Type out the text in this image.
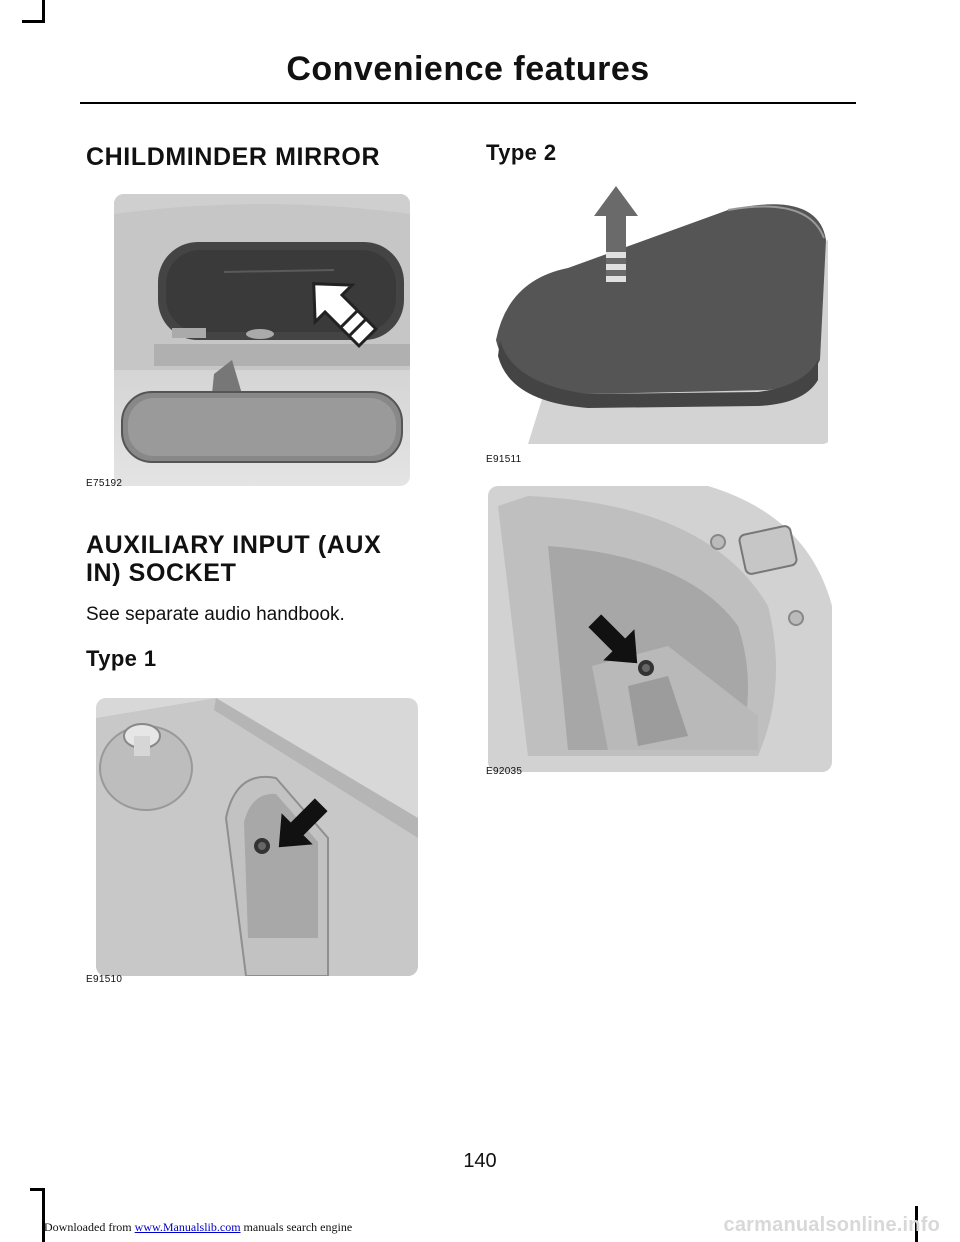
Convenience features
CHILDMINDER MIRROR
E75192
AUXILIARY INPUT (AUX
IN) SOCKET
See separate audio handbook.
Type 1
E91510
Type 2
E91511
E92035
140
Downloaded from www.Manualslib.com manuals search engine	carmanualsonline.info
